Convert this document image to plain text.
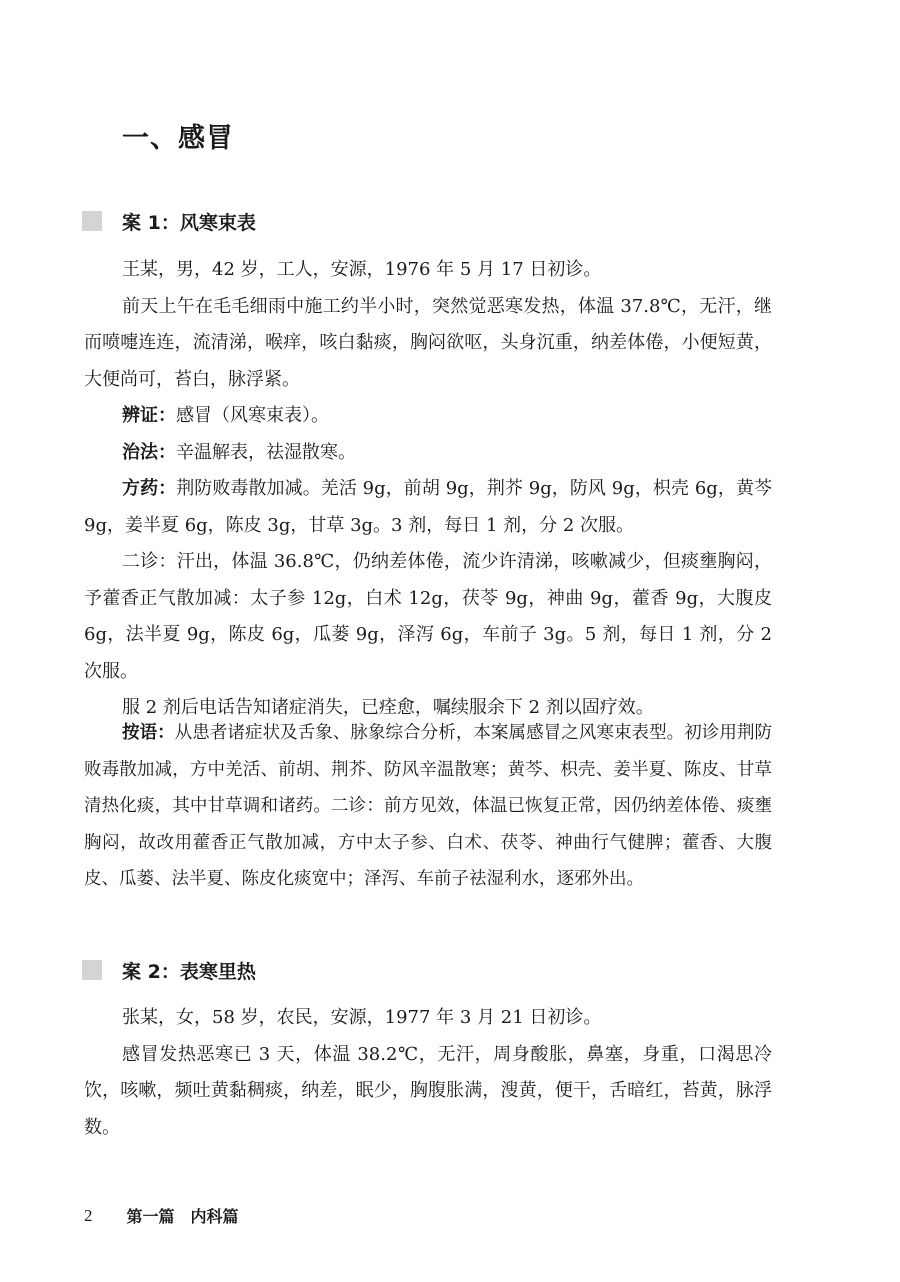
一、感冒
案 1：风寒束表

王某，男，42 岁，工人，安源，1976 年 5 月 17 日初诊。

前天上午在毛毛细雨中施工约半小时，突然觉恶寒发热，体温 37.8℃，无汗，继而喷嚏连连，流清涕，喉痒，咳白黏痰，胸闷欲呕，头身沉重，纳差体倦，小便短黄，大便尚可，苔白，脉浮紧。

辨证：感冒（风寒束表）。

治法：辛温解表，祛湿散寒。

方药：荆防败毒散加减。羌活 9g，前胡 9g，荆芥 9g，防风 9g，枳壳 6g，黄芩 9g，姜半夏 6g，陈皮 3g，甘草 3g。3 剂，每日 1 剂，分 2 次服。

二诊：汗出，体温 36.8℃，仍纳差体倦，流少许清涕，咳嗽减少，但痰壅胸闷，予藿香正气散加减：太子参 12g，白术 12g，茯苓 9g，神曲 9g，藿香 9g，大腹皮 6g，法半夏 9g，陈皮 6g，瓜蒌 9g，泽泻 6g，车前子 3g。5 剂，每日 1 剂，分 2 次服。

服 2 剂后电话告知诸症消失，已痊愈，嘱续服余下 2 剂以固疗效。

按语：从患者诸症状及舌象、脉象综合分析，本案属感冒之风寒束表型。初诊用荆防败毒散加减，方中羌活、前胡、荆芥、防风辛温散寒；黄芩、枳壳、姜半夏、陈皮、甘草清热化痰，其中甘草调和诸药。二诊：前方见效，体温已恢复正常，因仍纳差体倦、痰壅胸闷，故改用藿香正气散加减，方中太子参、白术、茯苓、神曲行气健脾；藿香、大腹皮、瓜蒌、法半夏、陈皮化痰宽中；泽泻、车前子祛湿利水，逐邪外出。

案 2：表寒里热

张某，女，58 岁，农民，安源，1977 年 3 月 21 日初诊。

感冒发热恶寒已 3 天，体温 38.2℃，无汗，周身酸胀，鼻塞，身重，口渴思冷饮，咳嗽，频吐黄黏稠痰，纳差，眠少，胸腹胀满，溲黄，便干，舌暗红，苔黄，脉浮数。

2 第一篇　内科篇
